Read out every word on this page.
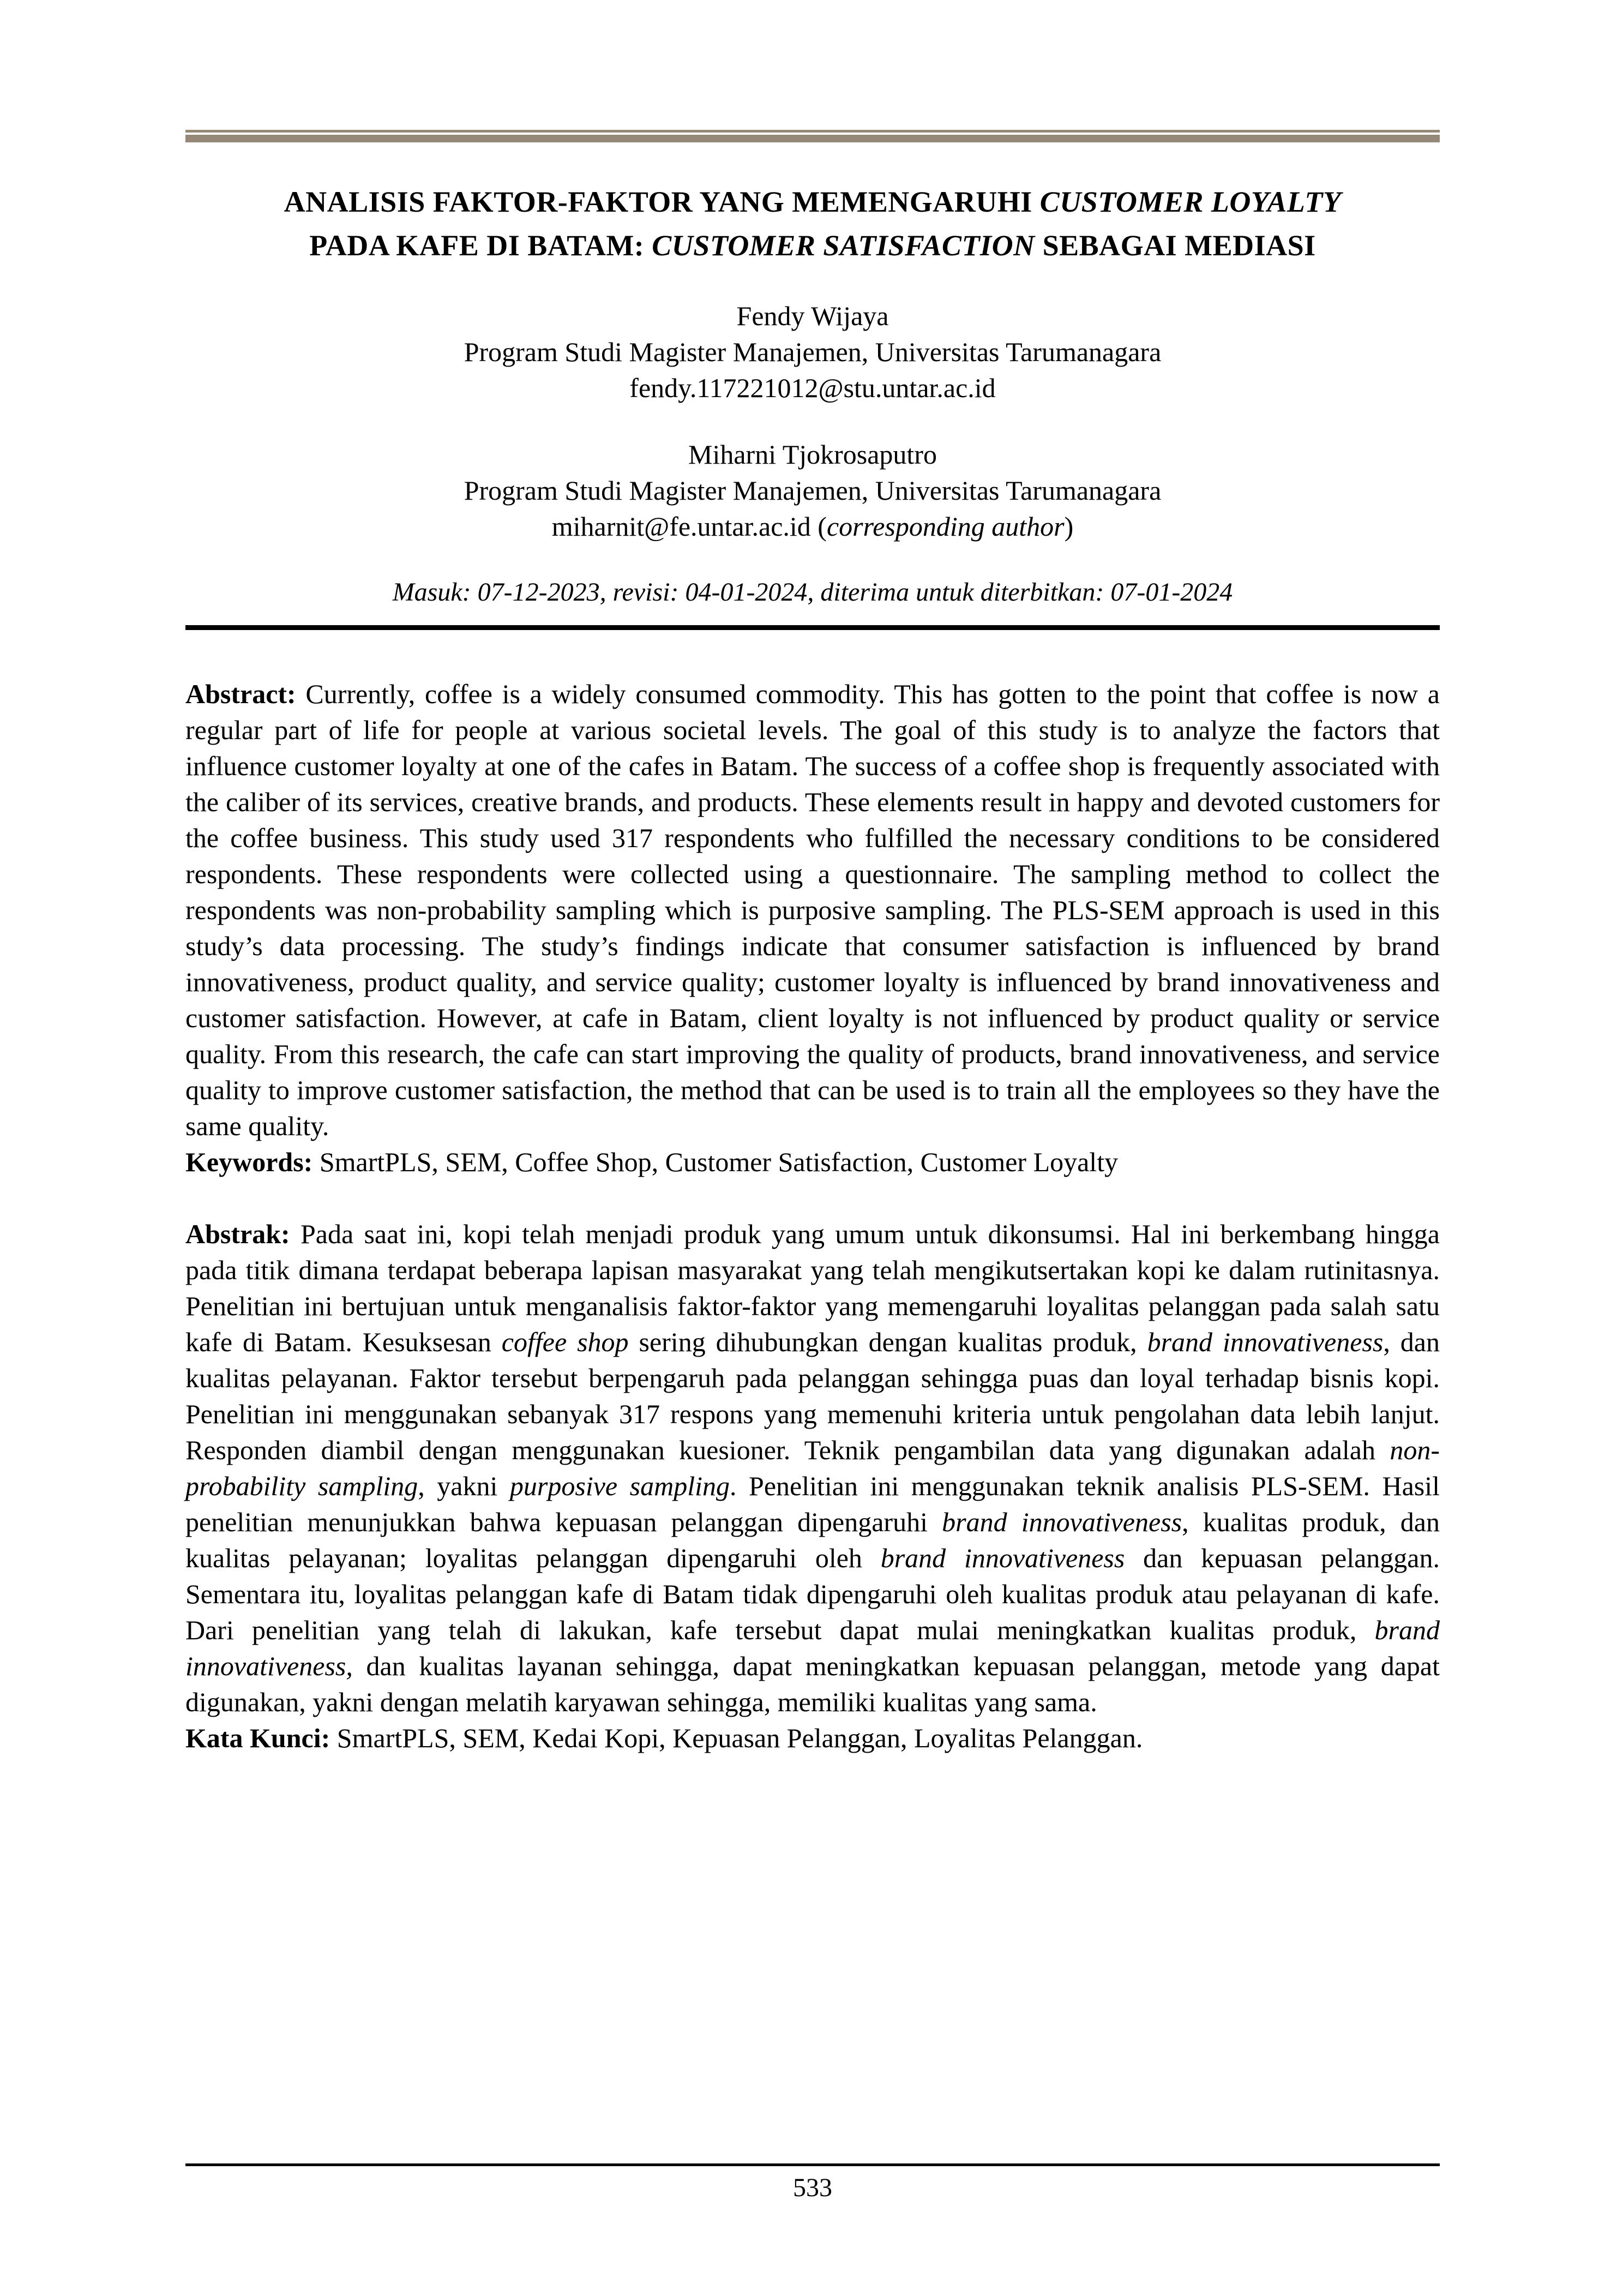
ANALISIS FAKTOR-FAKTOR YANG MEMENGARUHI CUSTOMER LOYALTY
PADA KAFE DI BATAM: CUSTOMER SATISFACTION SEBAGAI MEDIASI
Fendy Wijaya
Program Studi Magister Manajemen, Universitas Tarumanagara
fendy.117221012@stu.untar.ac.id
Miharni Tjokrosaputro
Program Studi Magister Manajemen, Universitas Tarumanagara
miharnit@fe.untar.ac.id (corresponding author)
Masuk: 07-12-2023, revisi: 04-01-2024, diterima untuk diterbitkan: 07-01-2024

Abstract: Currently, coffee is a widely consumed commodity. This has gotten to the point that coffee is now a regular part of life for people at various societal levels. The goal of this study is to analyze the factors that influence customer loyalty at one of the cafes in Batam. The success of a coffee shop is frequently associated with the caliber of its services, creative brands, and products. These elements result in happy and devoted customers for the coffee business. This study used 317 respondents who fulfilled the necessary conditions to be considered respondents. These respondents were collected using a questionnaire. The sampling method to collect the respondents was non-probability sampling which is purposive sampling. The PLS-SEM approach is used in this study’s data processing. The study’s findings indicate that consumer satisfaction is influenced by brand innovativeness, product quality, and service quality; customer loyalty is influenced by brand innovativeness and customer satisfaction. However, at cafe in Batam, client loyalty is not influenced by product quality or service quality. From this research, the cafe can start improving the quality of products, brand innovativeness, and service quality to improve customer satisfaction, the method that can be used is to train all the employees so they have the same quality.

Keywords: SmartPLS, SEM, Coffee Shop, Customer Satisfaction, Customer Loyalty

Abstrak: Pada saat ini, kopi telah menjadi produk yang umum untuk dikonsumsi. Hal ini berkembang hingga pada titik dimana terdapat beberapa lapisan masyarakat yang telah mengikutsertakan kopi ke dalam rutinitasnya. Penelitian ini bertujuan untuk menganalisis faktor-faktor yang memengaruhi loyalitas pelanggan pada salah satu kafe di Batam. Kesuksesan coffee shop sering dihubungkan dengan kualitas produk, brand innovativeness, dan kualitas pelayanan. Faktor tersebut berpengaruh pada pelanggan sehingga puas dan loyal terhadap bisnis kopi. Penelitian ini menggunakan sebanyak 317 respons yang memenuhi kriteria untuk pengolahan data lebih lanjut. Responden diambil dengan menggunakan kuesioner. Teknik pengambilan data yang digunakan adalah non-probability sampling, yakni purposive sampling. Penelitian ini menggunakan teknik analisis PLS-SEM. Hasil penelitian menunjukkan bahwa kepuasan pelanggan dipengaruhi brand innovativeness, kualitas produk, dan kualitas pelayanan; loyalitas pelanggan dipengaruhi oleh brand innovativeness dan kepuasan pelanggan. Sementara itu, loyalitas pelanggan kafe di Batam tidak dipengaruhi oleh kualitas produk atau pelayanan di kafe. Dari penelitian yang telah di lakukan, kafe tersebut dapat mulai meningkatkan kualitas produk, brand innovativeness, dan kualitas layanan sehingga, dapat meningkatkan kepuasan pelanggan, metode yang dapat digunakan, yakni dengan melatih karyawan sehingga, memiliki kualitas yang sama.

Kata Kunci: SmartPLS, SEM, Kedai Kopi, Kepuasan Pelanggan, Loyalitas Pelanggan.

533
